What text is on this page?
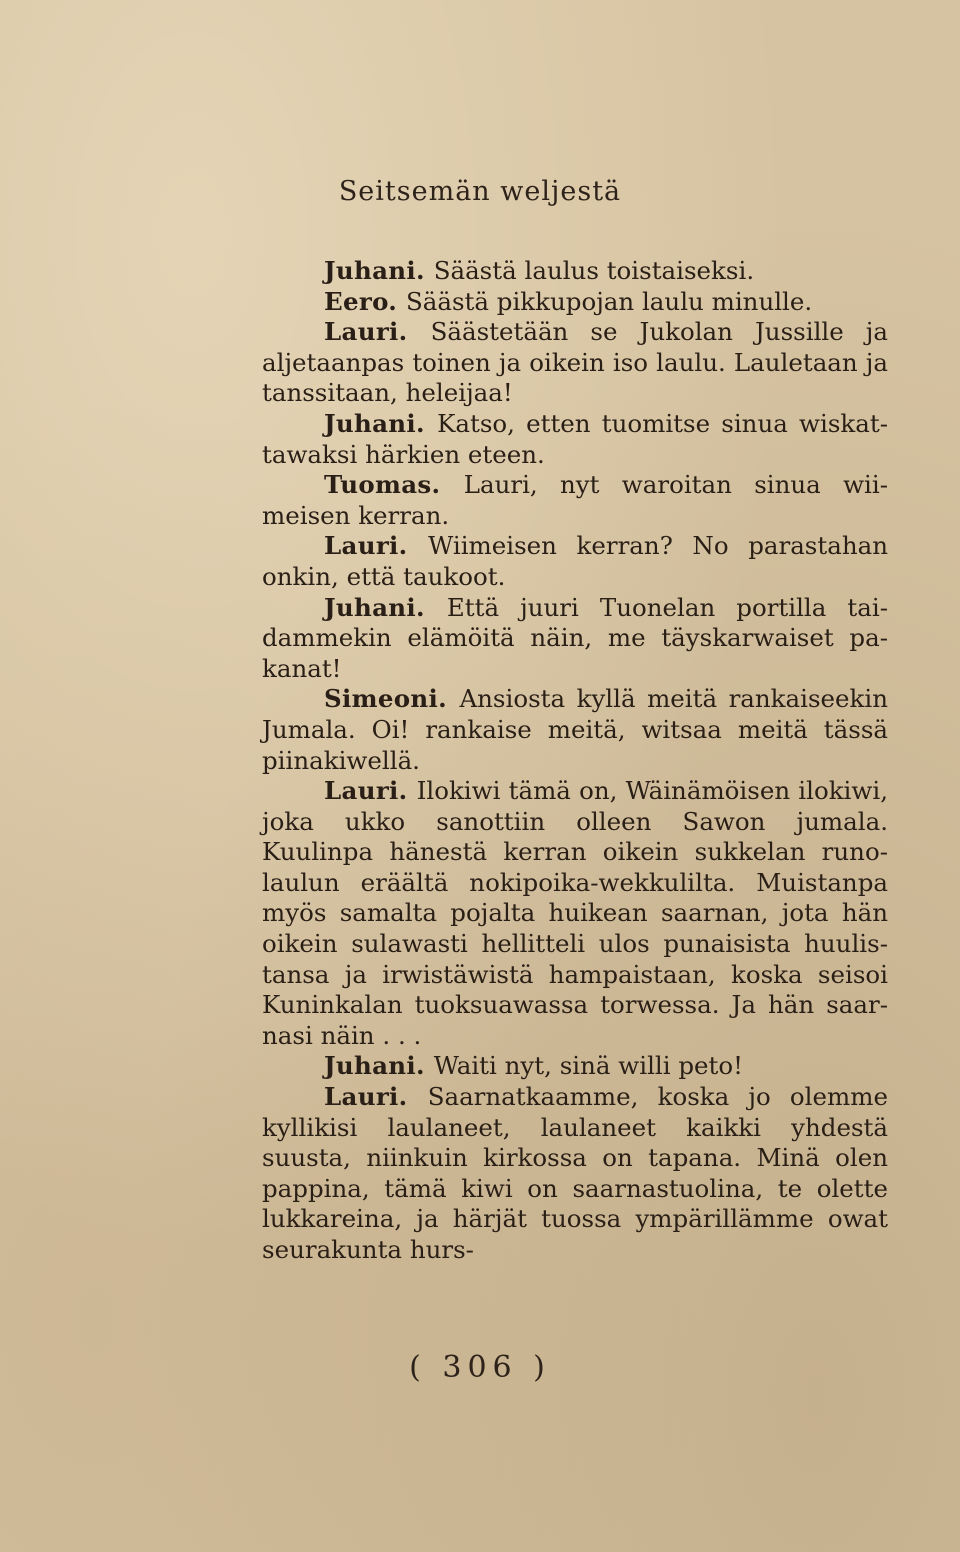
Seitsemän weljestä

Juhani. Säästä laulus toistaiseksi.

Eero. Säästä pikkupojan laulu minulle.

Lauri. Säästetään se Jukolan Jussille ja aljetaanpas toinen ja oikein iso laulu. Lauletaan ja tanssitaan, heleijaa!

Juhani. Katso, etten tuomitse sinua wiskattawaksi härkien eteen.

Tuomas. Lauri, nyt waroitan sinua wiimeisen kerran.

Lauri. Wiimeisen kerran? No parastahan onkin, että taukoot.

Juhani. Että juuri Tuonelan portilla taidammekin elämöitä näin, me täyskarwaiset pakanat!

Simeoni. Ansiosta kyllä meitä rankaiseekin Jumala. Oi! rankaise meitä, witsaa meitä tässä piinakiwellä.

Lauri. Ilokiwi tämä on, Wäinämöisen ilokiwi, joka ukko sanottiin olleen Sawon jumala. Kuulinpa hänestä kerran oikein sukkelan runolaulun eräältä nokipoika-wekkulilta. Muistanpa myös samalta pojalta huikean saarnan, jota hän oikein sulawasti hellitteli ulos punaisista huulistansa ja irwistäwistä hampaistaan, koska seisoi Kuninkalan tuoksuawassa torwessa. Ja hän saarnasi näin . . .

Juhani. Waiti nyt, sinä willi peto!

Lauri. Saarnatkaamme, koska jo olemme kyllikisi laulaneet, laulaneet kaikki yhdestä suusta, niinkuin kirkossa on tapana. Minä olen pappina, tämä kiwi on saarnastuolina, te olette lukkareina, ja härjät tuossa ympärillämme owat seurakunta hurs-

( 306 )
